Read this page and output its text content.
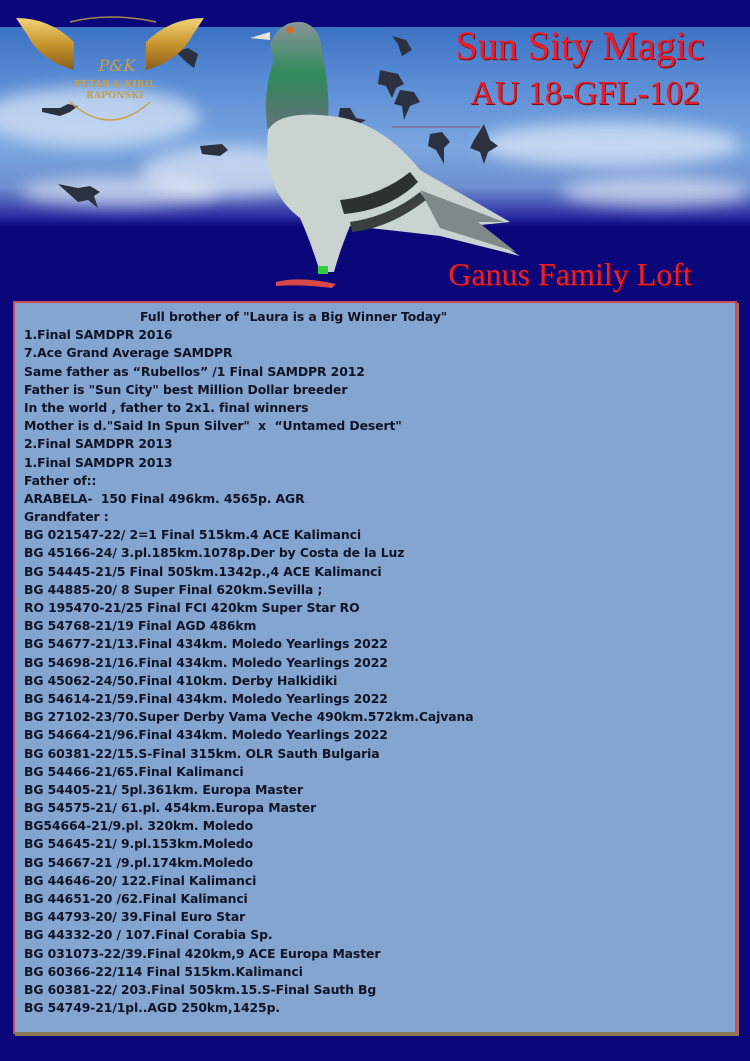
P&K
PETAR & KIRIL
RAPONSKI
Sun Sity Magic
AU 18-GFL-102
Ganus Family Loft
Full brother of "Laura is a Big Winner Today"
1.Final SAMDPR 2016
7.Ace Grand Average SAMDPR
Same father as “Rubellos” /1 Final SAMDPR 2012
Father is "Sun City" best Million Dollar breeder
In the world , father to 2x1. final winners
Mother is d."Said In Spun Silver"  x  “Untamed Desert"
2.Final SAMDPR 2013
1.Final SAMDPR 2013
Father of::
ARABELA-  150 Final 496km. 4565p. AGR
Grandfater :
BG 021547-22/ 2=1 Final 515km.4 ACE Kalimanci
BG 45166-24/ 3.pl.185km.1078p.Der by Costa de la Luz
BG 54445-21/5 Final 505km.1342p.,4 ACE Kalimanci
BG 44885-20/ 8 Super Final 620km.Sevilla ;
RO 195470-21/25 Final FCI 420km Super Star RO
BG 54768-21/19 Final AGD 486km
BG 54677-21/13.Final 434km. Moledo Yearlings 2022
BG 54698-21/16.Final 434km. Moledo Yearlings 2022
BG 45062-24/50.Final 410km. Derby Halkidiki
BG 54614-21/59.Final 434km. Moledo Yearlings 2022
BG 27102-23/70.Super Derby Vama Veche 490km.572km.Cajvana
BG 54664-21/96.Final 434km. Moledo Yearlings 2022
BG 60381-22/15.S-Final 315km. OLR Sauth Bulgaria
BG 54466-21/65.Final Kalimanci
BG 54405-21/ 5pl.361km. Europa Master
BG 54575-21/ 61.pl. 454km.Europa Master
BG54664-21/9.pl. 320km. Moledo
BG 54645-21/ 9.pl.153km.Moledo
BG 54667-21 /9.pl.174km.Moledo
BG 44646-20/ 122.Final Kalimanci
BG 44651-20 /62.Final Kalimanci
BG 44793-20/ 39.Final Euro Star
BG 44332-20 / 107.Final Corabia Sp.
BG 031073-22/39.Final 420km,9 ACE Europa Master
BG 60366-22/114 Final 515km.Kalimanci
BG 60381-22/ 203.Final 505km.15.S-Final Sauth Bg
BG 54749-21/1pl..AGD 250km,1425p.
